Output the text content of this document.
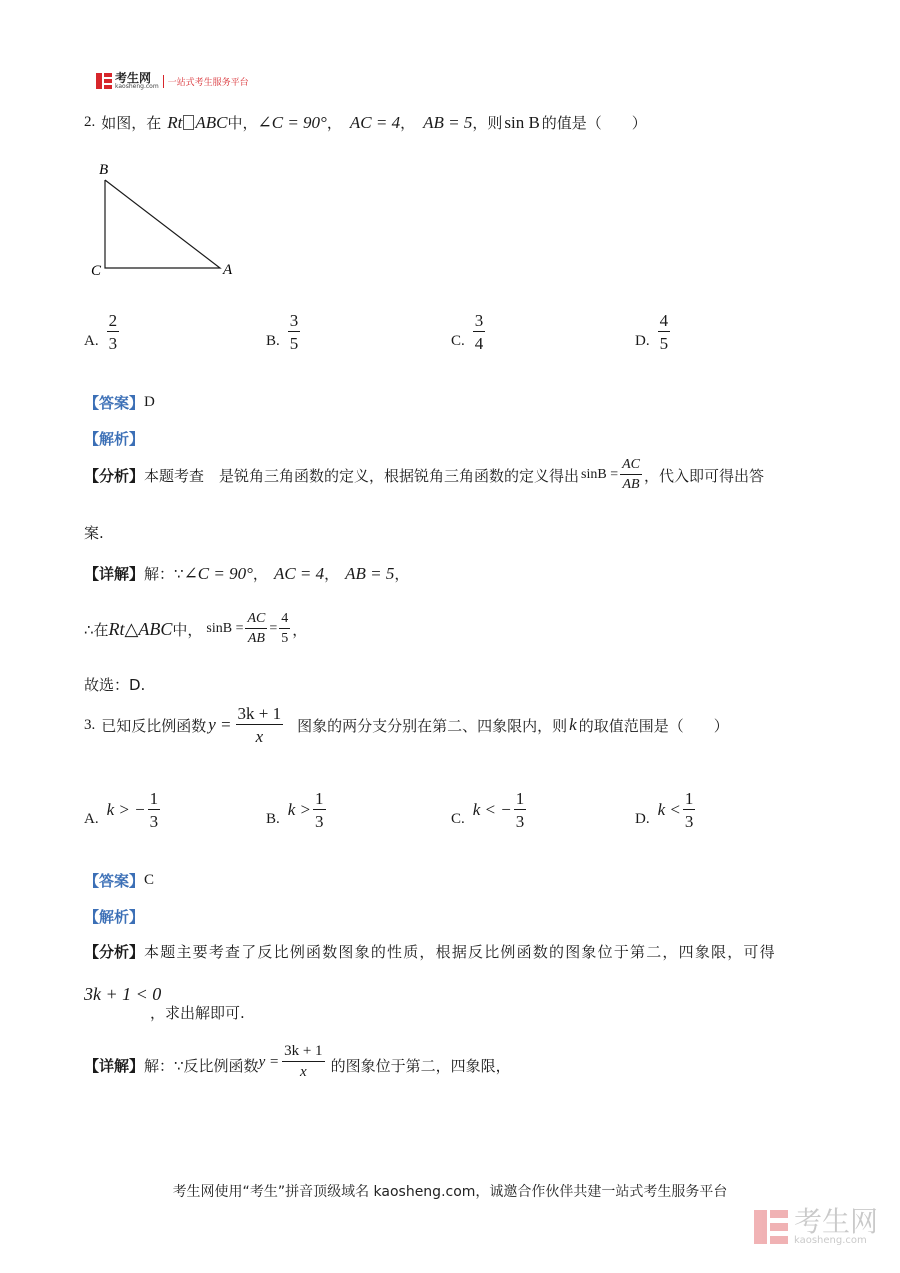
考生网
kaosheng.com	一站式考生服务平台
2. 如图，在 Rt ABC 中， ∠C = 90° ， AC = 4 ， AB = 5 ，则 sin B 的值是（　　）
B
C	A
A. $\frac{2}{3}$	B. $\frac{3}{5}$	C. $\frac{3}{4}$	D. $\frac{4}{5}$
【答案】 D
【解析】
【分析】 本题考查　是锐角三角函数的定义，根据锐角三角函数的定义得出 $\sin B = \frac{AC}{AB}$ ，代入即可得出答
案.
【详解】 解：∵ ∠C = 90° ， AC = 4 ， AB = 5 ，
∴在 Rt△ABC 中， $\sin B = \frac{AC}{AB} = \frac{4}{5}$ ，
故选：D.
3. 已知反比例函数 $y = \frac{3k + 1}{x}$ 图象的两分支分别在第二、四象限内，则 k 的取值范围是（　　）
A. k > − $\frac{1}{3}$	B. $k > \frac{1}{3}$	C. k < − $\frac{1}{3}$	D. $k < \frac{1}{3}$
【答案】 C
【解析】
【分析】 本题主要考查了反比例函数图象的性质，根据反比例函数的图象位于第二，四象限，可得
3k + 1 < 0
，求出解即可.
【详解】 解：∵反比例函数 $y = \frac{3k + 1}{x}$ 的图象位于第二，四象限，
考生网使用“考生”拼音顶级域名 kaosheng.com，诚邀合作伙伴共建一站式考生服务平台
考生网
kaosheng.com
